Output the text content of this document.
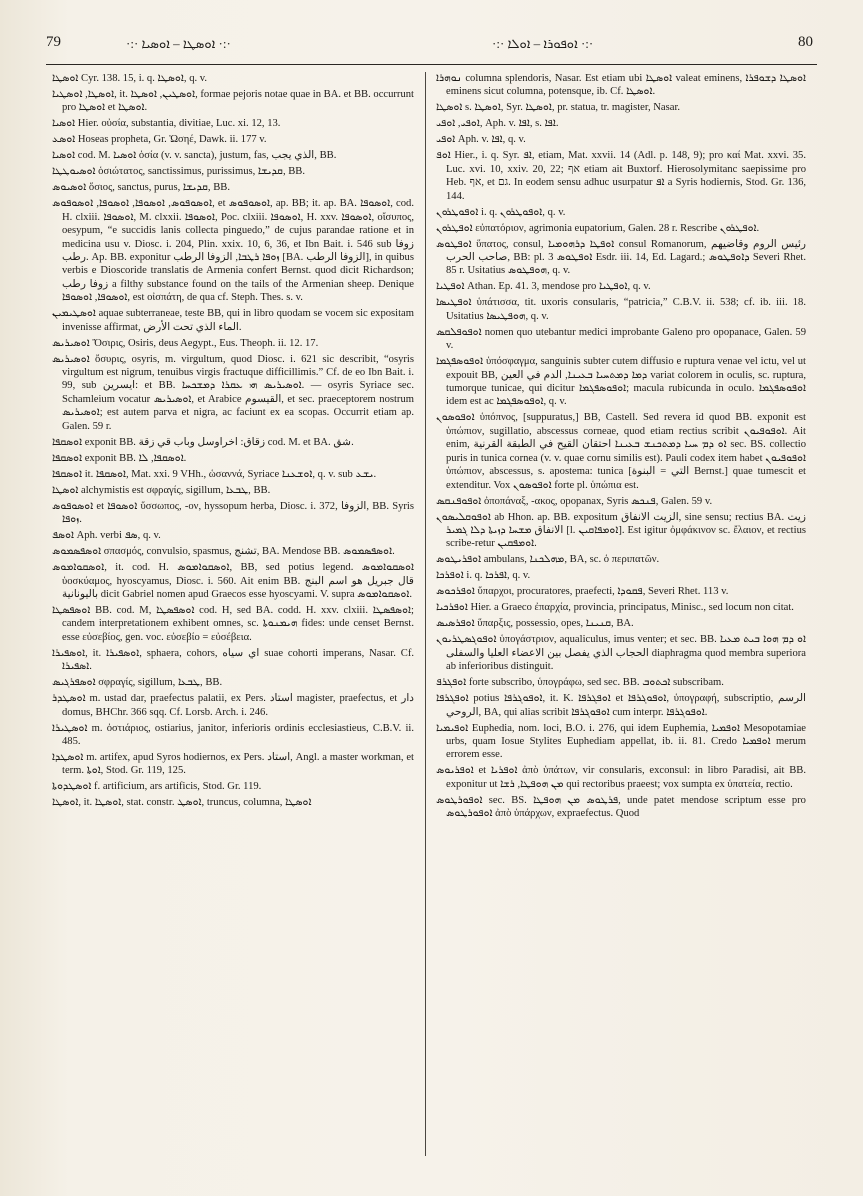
79	·:· ܐܘܣܛܐ – ܐܘܣܝܐ ·:·	·:· ܐܘܦܘܪܐ – ܐܘܠܐ ·:·	80

ܐܘܣܛܐ Cyr. 138. 15, i. q. ܐܘܣܛܐ, q. v.

ܐܘܣܛܐ, ܐܘܣܛܝܐ, it. ܐܘܣܛܝܢ, ܐܘܣܛܐ, formae pejoris notae quae in BA. et BB. occurrunt pro ܐܘܣܛܐ et ܐܘܣܛܐ.

ܐܘܣܝܐ Hier. οὐσία, substantia, divitiae, Luc. xi. 12, 13.

ܐܘܣܥ Hoseas propheta, Gr. Ὡσηέ, Dawk. ii. 177 v.

ܐܘܣܝܐ cod. M. ܐܘܣܝܐ ὁσία (v. v. sancta), justum, fas, الذي يجب, BB.

ܐܘܣܝܘܛܛܐ ὁσιώτατος, sanctissimus, purissimus, ܩܕܝܫܐ, BB.

ܐܘܣܝܘܣ ὅσιος, sanctus, purus, ܩܕܝܫܐ, BB.

ܐܘܣܘܦܘܣ, ܐܘܣܘܦܐ, ܐܘܣܘܦܐ, ܐܘܣܘܦܘܣ, et ܐܘܣܘܦܘܣ, ap. BB; it. ap. BA. ܐܘܣܘܦܐ, cod. H. clxiii. ܐܘܣܘܦܐ, M. clxxii. ܐܘܣܘܦܐ, Poc. clxiii. ܐܘܣܘܦܐ, H. xxv. ܐܘܣܘܦܐ, οἴσυπος, oesypum, “e succidis lanis collecta pinguedo,” de cujus parandae ratione et in medicina usu v. Diosc. i. 204, Plin. xxix. 10, 6, 36, et Ibn Bait. i. 546 sub زوفا رطب. Ap. BB. exponitur ܙܘܦܐ ܪܛܒܐ, الزوفا الرطب [BA. الزوفا الرطب], in quibus verbis e Dioscoride translatis de Armenia confert Bernst. quod dicit Richardson; زوفا رطب a filthy substance found on the tails of the Armenian sheep. Denique ܐܘܣܘܦܐ, ܐܘܣܘܦܐ, est οἰσπάτη, de qua cf. Steph. Thes. s. v.

ܐܘܣܛܝܡܝܢ aquae subterraneae, teste BB, qui in libro quodam se vocem sic expositam invenisse affirmat, الماء الذي تحت الأرض.

ܐܘܣܝܪܝܣ Ὄσιρις, Osiris, deus Aegypt., Eus. Theoph. ii. 12. 17.

ܐܘܣܝܪܝܣ ὄσυρις, osyris, m. virgultum, quod Diosc. i. 621 sic describit, “osyris virgultum est nigrum, tenuibus virgis fractuque difficillimis.” Cf. de eo Ibn Bait. i. 99, sub ايسرين: et BB. ܐܘܣܝܪܝܣ ܗܝ ܥܩܪܐ ܕܡܫܟܚܐ. — osyris Syriace sec. Schamleium vocatur ܐܘܣܝܪܝܣ, et Arabice القيسوم, et sec. praeceptorem nostrum ܐܘܣܝܪܝܣ; est autem parva et nigra, ac faciunt ex ea scopas. Occurrit etiam ap. Galen. 59 r.

ܐܘܣܩܦܐ exponit BB. زقاق: اخراوسل وباب قي زقة cod. M. et BA. شق.

ܐܘܣܩܦܐ exponit BB. ܐܘܣܩܦܐ, ܠܐ.

ܐܘܣܩܦܐ it. ܐܘܣܩܦܐ, Mat. xxi. 9 VHh., ὡσαννά, Syriace ܐܘܫܥܢܐ, q. v. sub ܝܫܥ.

ܐܘܣܛܐ alchymistis est σφραγίς, sigillum, ܛܒܥܐ, BB.

ܐܘܣܘܦܘܣ et ܐܘܣܘܦܐ ὕσσωπος, -ον, hyssopum herba, Diosc. i. 372, الزوفا, BB. Syris ܙܘܦܐ.

ܐܘܣܦ Aph. verbi ܣܦ, q. v.

ܐܘܣܦܣܡܘܣ σπασμός, convulsio, spasmus, تشنج, BA. Mendose BB. ܐܘܣܦܣܡܘܣ.

ܐܘܣܩܘܐܡܘܣ, it. cod. H. ܐܘܣܩܘܐܡܘܣ, BB, sed potius legend. ܐܘܣܩܘܐܡܘܣ ὑοσκύαμος, hyoscyamus, Diosc. i. 560. Ait enim BB. قال جبريل هو اسم البنج باليونانية dicit Gabriel nomen apud Graecos esse hyoscyami. V. supra ܐܘܣܩܘܐܡܘܣ.

ܐܘܣܦܣܛܐ BB. cod. M, ܐܘܣܦܣܛܐ cod. H, sed BA. codd. H. xxv. clxiii. ܐܘܣܦܣܛܐ; candem interpretationem exhibent omnes, sc. ܗܝܡܢܘܬܐ fides: unde censet Bernst. esse εὐσεβίος, gen. voc. εὐσεβίο = εὐσέβεια.

ܐܘܣܦܝܪܐ, it. ܐܘܣܦܝܪܐ, sphaera, cohors, اي سياه suae cohorti imperans, Nasar. Cf. ܐܣܦܝܪܐ.

ܐܘܣܦܪܓܝܣ σφραγίς, sigillum, ܛܒܥܐ, BB.

ܐܘܣܛܕܪ m. ustad dar, praefectus palatii, ex Pers. استاد magister, praefectus, et دار domus, BHChr. 366 sqq. Cf. Lorsb. Arch. i. 246.

ܐܘܣܛܝܪܐ m. ὀστιάριος, ostiarius, janitor, inferioris ordinis ecclesiastieus, C.B.V. ii. 485.

ܐܘܣܛܕܐ m. artifex, apud Syros hodiernos, ex Pers. استاد, Angl. a master workman, et term. ܐܘܬܐ, Stod. Gr. 119, 125.

ܐܘܣܛܕܘܬܐ f. artificium, ars artificis, Stod. Gr. 119.

ܐܘܣܛܐ, it. ܐܘܣܛܐ, stat. constr. ܐܘܣܛ, truncus, columna, ܐܘܣܛܐ

ܢܘܗܪܐ columna splendoris, Nasar. Est etiam ubi ܐܘܣܛܐ valeat eminens, ܐܘܣܛܐ ܕܫܘܦܪܐ eminens sicut columna, potensque, ib. Cf. ܐܘܣܛܐ.

ܐܘܣܛܐ s. ܐܘܣܛܐ, Syr. ܐܘܣܛܐ, pr. statua, tr. magister, Nasar.

ܐܘܦܝ, ܐܘܦܝ, Aph. v. ܐܦܐ, s. ܐܦܐ.

ܐܘܦܝ Aph. v. ܐܦܐ, q. v.

ܐܘܦ Hier., i. q. Syr. ܐܦ, etiam, Mat. xxvii. 14 (Adl. p. 148, 9); pro καί Mat. xxvi. 35. Luc. xvi. 10, xxiv. 20, 22; אף etiam ait Buxtorf. Hierosolymitanc saepissime pro Heb. אף, et גם. In eodem sensu adhuc usurpatur ܐܦ a Syris hodiernis, Stod. Gr. 136, 144.

ܐܘܦܘܛܪܘܢ i. q. ܐܘܦܘܛܪܘܢ, q. v.

ܐܘܦܛܪܘܢ εὐπατόριον, agrimonia eupatorium, Galen. 28 r. Rescribe ܐܘܦܛܪܘܢ.

ܐܘܦܛܘܣ ὕπατος, consul, ܐܘܦܛܐ ܕܪܗܘܡܝܐ consul Romanorum, رئيس الروم وقاضيهم صاحب الحرب, BB: pl. ܐܘܦܛܘܣ 3 Esdr. iii. 14, Ed. Lagard.; ܕܐܘܦܛܘܣ Severi Rhet. 85 r. Usitatius ܗܘܦܛܘܣ, q. v.

ܐܘܦܛܝܐ Athan. Ep. 41. 3, mendose pro ܐܘܦܛܝܐ, q. v.

ܐܘܦܛܝܣܐ ὑπάτισσα, tit. uxoris consularis, “patricia,” C.B.V. ii. 538; cf. ib. iii. 18. Usitatius ܗܘܦܛܝܣܐ, q. v.

ܐܘܦܘܦܠܩܣ nomen quo utebantur medici improbante Galeno pro opopanace, Galen. 59 v.

ܐܘܦܘܣܦܓܡܐ ὑπόσφαγμα, sanguinis subter cutem diffusio e ruptura venae vel ictu, vel ut expouit BB, ܕܡܐ ܕܡܬܚܝܐ ܒܥܝܢܐ, الدم في العين variat colorem in oculis, sc. ruptura, tumorque tunicae, qui dicitur ܐܘܦܘܣܦܓܡܐ; macula rubicunda in oculo. ܐܘܦܘܣܦܓܡܐ idem est ac ܐܘܦܘܣܦܓܡܐ, q. v.

ܐܘܦܘܣܘܢ ὑπόπνος, [suppuratus,] BB, Castell. Sed revera id quod BB. exponit est ὑπώπιον, sugillatio, abscessus corneae, quod etiam rectius scribit ܐܘܦܘܦܝܘܢ. Ait enim, ܐܘ ܕܡ ܚܝܐ ܕܡܬܟܢܫ ܒܥܝܢܐ احتقان القيح في الطبقة القرنية sec. BS. collectio puris in tunica cornea (v. v. quae cornu similis est). Pauli codex item habet ܐܘܦܘܦܝܘܢ ὑπώπιον, abscessus, s. apostema: tunica [التي = البنوة Bernst.] quae tumescit et extenditur. Vox ܐܘܦܘܣܘܢ forte pl. ὑπώπια est.

ܐܘܦܘܦܢܩܣ ὀποπάναξ, -ακος, opopanax, Syris ܦܢܟܣ, Galen. 59 v.

ܐܘܦܘܩܠܝܣܘܢ ab Hhon. ap. BB. expositum الزيت الانفاق, sine sensu; rectius BA. زيت الانفاق ܡܫܚܐ ܕܙܝܬܐ ܕܠܐ ܓܡܝܪ [l. ܐܘܡܦܐܩܝܢ]. Est igitur ὀμφάκινον sc. ἔλαιον, et rectius scribe-retur ܐܘܡܦܩܝܢ.

ܐܘܦܪܝܛܘܣ ambulans, ܡܗܠܟܢܐ, BA, sc. ὁ περιπατῶν.

ܐܘܦܪܟܐ i. q. ܐܦܪܟܐ, q. v.

ܐܘܦܪܟܘܣ ὕπαρχοι, procuratores, praefecti, ܦܩܘܕܐ, Severi Rhet. 113 v.

ܐܘܦܪܟܝܐ Hier. a Graeco ἐπαρχία, provincia, principatus, Minisc., sed locum non citat.

ܐܘܦܪܣܝܣ ὕπαρξις, possessio, opes, ܩܢܝܢܐ, BA.

ܐܘܦܘܓܣܛܪܝܘܢ ὑπογάστριον, aqualiculus, imus venter; et sec. BB. ܐܘ ܕܡ ܗܘܐ ܒܝܬ ܡܥܝܐ الحجاب الذي يفصل بين الاعضاء العليا والسفلى diaphragma quod membra superiora ab inferioribus distinguit.

ܐܘܦܓܪܦ forte subscribo, ὑπογράφω, sed sec. BB. ܐܟܬܘܒ subscribam.

ܐܘܦܓܪܦܐ potius ܐܘܦܘܓܪܦܐ, it. K. ܐܘܦܓܪܦܐ et ܐܘܦܘܓܪܦܐ, ὑπογραφή, subscriptio, الرسم الروحي, BA, qui alias scribit ܐܘܦܘܓܪܦܐ cum interpr. ܐܘܦܘܓܪܦܐ.

ܐܘܦܝܡܝܐ Euphedia, nom. loci, B.O. i. 276, qui idem Euphemia, ܐܘܦܡܝܐ Mesopotamiae urbs, quam Iosue Stylites Euphediam appellat, ib. ii. 81. Credo ܐܘܦܡܝܐ merum errorem esse.

ܐܘܦܪܝܘܣ et ܐܘܦܪܝܐ ἀπὸ ὑπάτων, vir consularis, exconsul: in libro Paradisi, ait BB. exponitur ut ܡܢ ܗܘܦܛܐ, ܪܫܐ qui rectoribus praeest; vox sumpta ex ὑπατεία, rectio.

ܐܘܦܘܪܛܘܣ sec. BS. ܦܪܛܘܣ ܡܢ ܗܘܦܛܐ, unde patet mendose scriptum esse pro ܐܘܦܘܪܛܘܣ ἀπὸ ὑπάρχων, expraefectus. Quod
